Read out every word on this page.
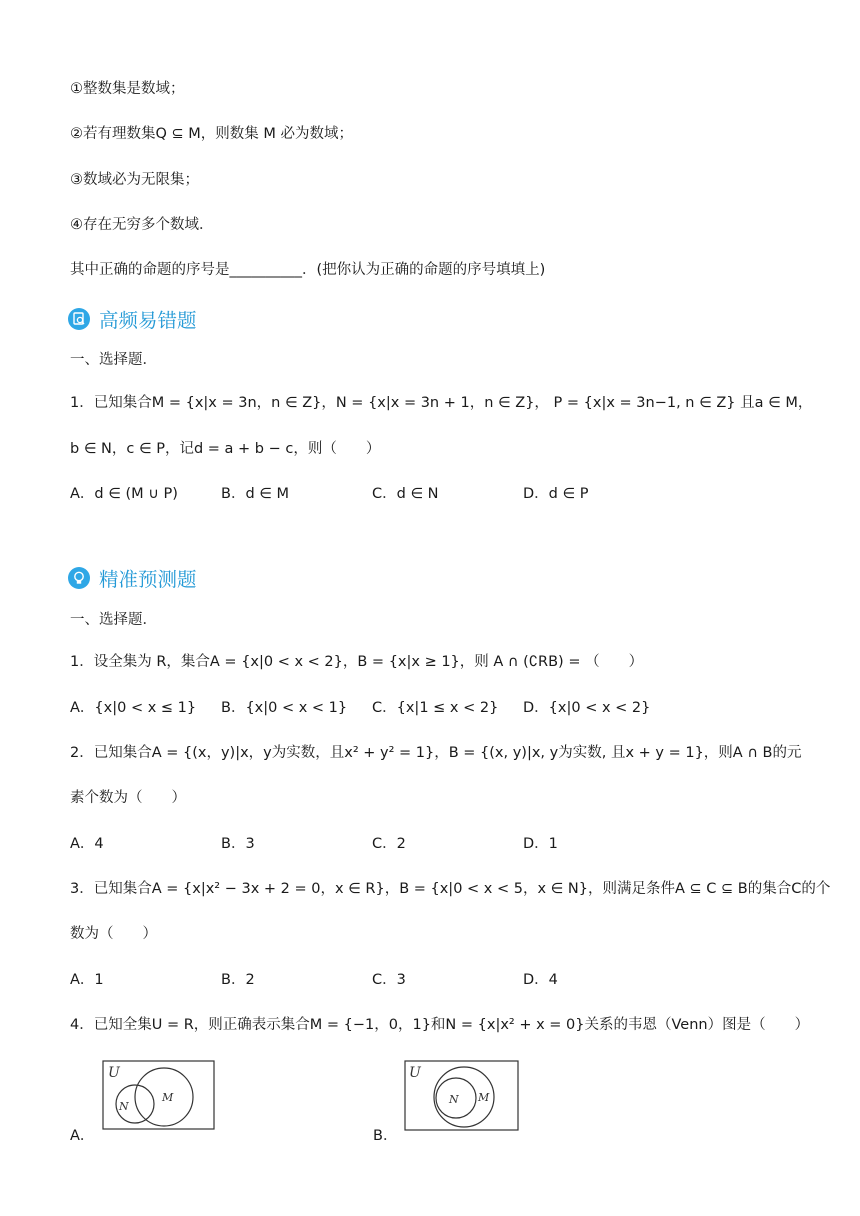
①整数集是数域；
②若有理数集Q ⊆ M，则数集 M 必为数域；
③数域必为无限集；
④存在无穷多个数域．
其中正确的命题的序号是__________．(把你认为正确的命题的序号填填上)
高频易错题
一、选择题．
1．已知集合M = {x|x = 3n，n ∈ Z}，N = {x|x = 3n + 1，n ∈ Z}， P = {x|x = 3n−1, n ∈ Z} 且a ∈ M，
b ∈ N，c ∈ P，记d = a + b − c，则（　　）
A．d ∈ (M ∪ P)	B．d ∈ M	C．d ∈ N	D．d ∈ P
精准预测题
一、选择题．
1．设全集为 R，集合A = {x|0 < x < 2}，B = {x|x ≥ 1}，则 A ∩ (∁RB) = （　　）
A．{x|0 < x ≤ 1}	B．{x|0 < x < 1}	C．{x|1 ≤ x < 2}	D．{x|0 < x < 2}
2．已知集合A = {(x，y)|x，y为实数，且x² + y² = 1}，B = {(x, y)|x, y为实数, 且x + y = 1}，则A ∩ B的元
素个数为（　　）
A．4	B．3	C．2	D．1
3．已知集合A = {x|x² − 3x + 2 = 0，x ∈ R}，B = {x|0 < x < 5，x ∈ N}，则满足条件A ⊆ C ⊆ B的集合C的个
数为（　　）
A．1	B．2	C．3	D．4
4．已知全集U = R，则正确表示集合M = {−1，0，1}和N = {x|x² + x = 0}关系的韦恩（Venn）图是（　　）
A．
U
N
M
B．
U
N M
